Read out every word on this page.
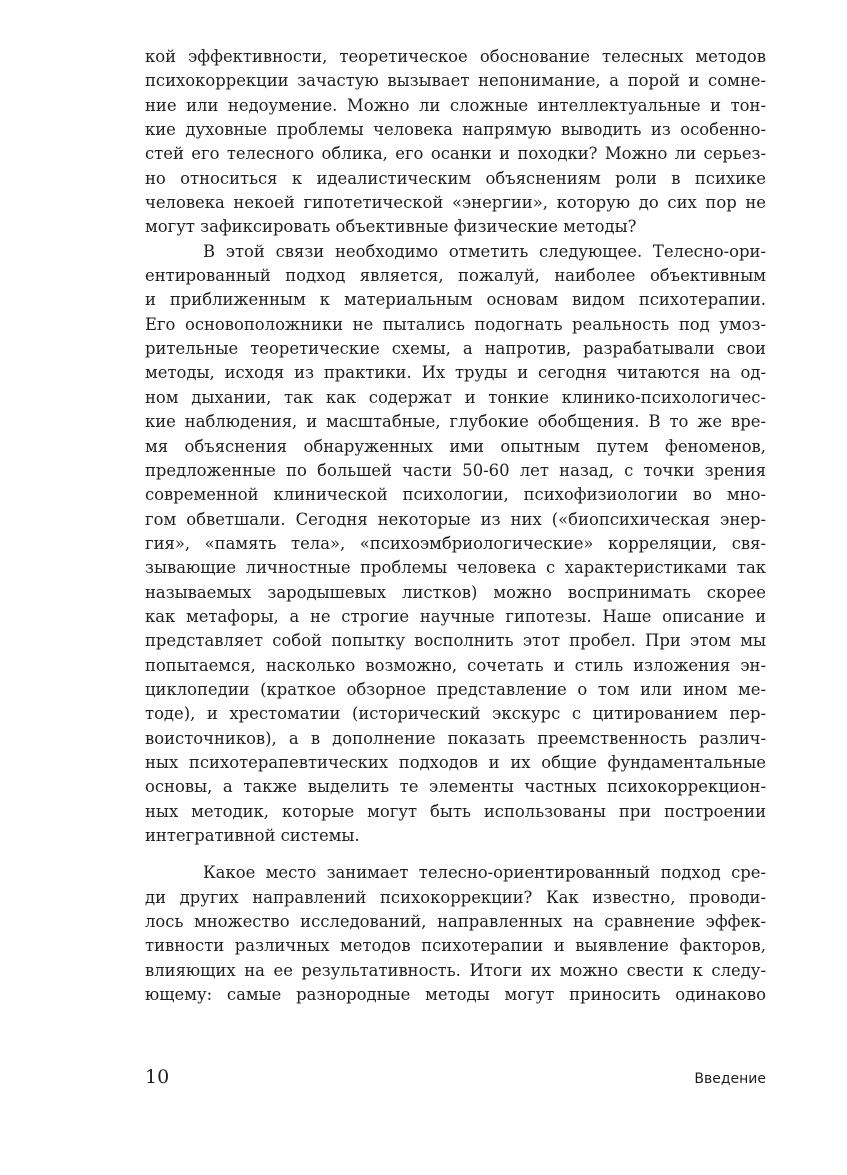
кой эффективности, теоретическое обоснование телесных методов
психокоррекции зачастую вызывает непонимание, а порой и сомне-
ние или недоумение. Можно ли сложные интеллектуальные и тон-
кие духовные проблемы человека напрямую выводить из особенно-
стей его телесного облика, его осанки и походки? Можно ли серьез-
но относиться к идеалистическим объяснениям роли в психике
человека некоей гипотетической «энергии», которую до сих пор не
могут зафиксировать объективные физические методы?
В этой связи необходимо отметить следующее. Телесно-ори-
ентированный подход является, пожалуй, наиболее объективным
и приближенным к материальным основам видом психотерапии.
Его основоположники не пытались подогнать реальность под умоз-
рительные теоретические схемы, а напротив, разрабатывали свои
методы, исходя из практики. Их труды и сегодня читаются на од-
ном дыхании, так как содержат и тонкие клинико-психологичес-
кие наблюдения, и масштабные, глубокие обобщения. В то же вре-
мя объяснения обнаруженных ими опытным путем феноменов,
предложенные по большей части 50-60 лет назад, с точки зрения
современной клинической психологии, психофизиологии во мно-
гом обветшали. Сегодня некоторые из них («биопсихическая энер-
гия», «память тела», «психоэмбриологические» корреляции, свя-
зывающие личностные проблемы человека с характеристиками так
называемых зародышевых листков) можно воспринимать скорее
как метафоры, а не строгие научные гипотезы. Наше описание и
представляет собой попытку восполнить этот пробел. При этом мы
попытаемся, насколько возможно, сочетать и стиль изложения эн-
циклопедии (краткое обзорное представление о том или ином ме-
тоде), и хрестоматии (исторический экскурс с цитированием пер-
воисточников), а в дополнение показать преемственность различ-
ных психотерапевтических подходов и их общие фундаментальные
основы, а также выделить те элементы частных психокоррекцион-
ных методик, которые могут быть использованы при построении
интегративной системы.
Какое место занимает телесно-ориентированный подход сре-
ди других направлений психокоррекции? Как известно, проводи-
лось множество исследований, направленных на сравнение эффек-
тивности различных методов психотерапии и выявление факторов,
влияющих на ее результативность. Итоги их можно свести к следу-
ющему: самые разнородные методы могут приносить одинаково
10	Введение
